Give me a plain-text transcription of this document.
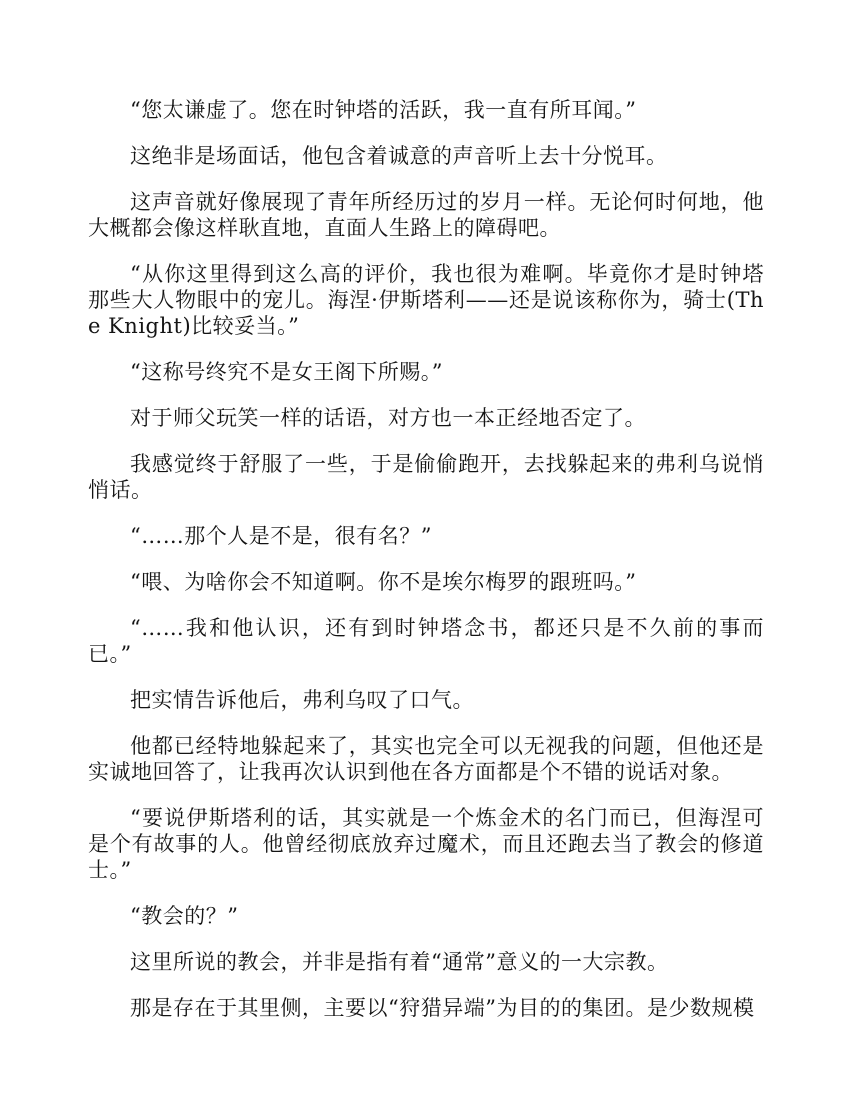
“您太谦虚了。您在时钟塔的活跃，我一直有所耳闻。”

这绝非是场面话，他包含着诚意的声音听上去十分悦耳。

这声音就好像展现了青年所经历过的岁月一样。无论何时何地，他大概都会像这样耿直地，直面人生路上的障碍吧。

“从你这里得到这么高的评价，我也很为难啊。毕竟你才是时钟塔那些大人物眼中的宠儿。海涅·伊斯塔利——还是说该称你为，骑士(The Knight)比较妥当。”

“这称号终究不是女王阁下所赐。”

对于师父玩笑一样的话语，对方也一本正经地否定了。

我感觉终于舒服了一些，于是偷偷跑开，去找躲起来的弗利乌说悄悄话。

“……那个人是不是，很有名？”

“喂、为啥你会不知道啊。你不是埃尔梅罗的跟班吗。”

“……我和他认识，还有到时钟塔念书，都还只是不久前的事而已。”

把实情告诉他后，弗利乌叹了口气。

他都已经特地躲起来了，其实也完全可以无视我的问题，但他还是实诚地回答了，让我再次认识到他在各方面都是个不错的说话对象。

“要说伊斯塔利的话，其实就是一个炼金术的名门而已，但海涅可是个有故事的人。他曾经彻底放弃过魔术，而且还跑去当了教会的修道士。”

“教会的？”

这里所说的教会，并非是指有着“通常”意义的一大宗教。

那是存在于其里侧，主要以“狩猎异端”为目的的集团。是少数规模
